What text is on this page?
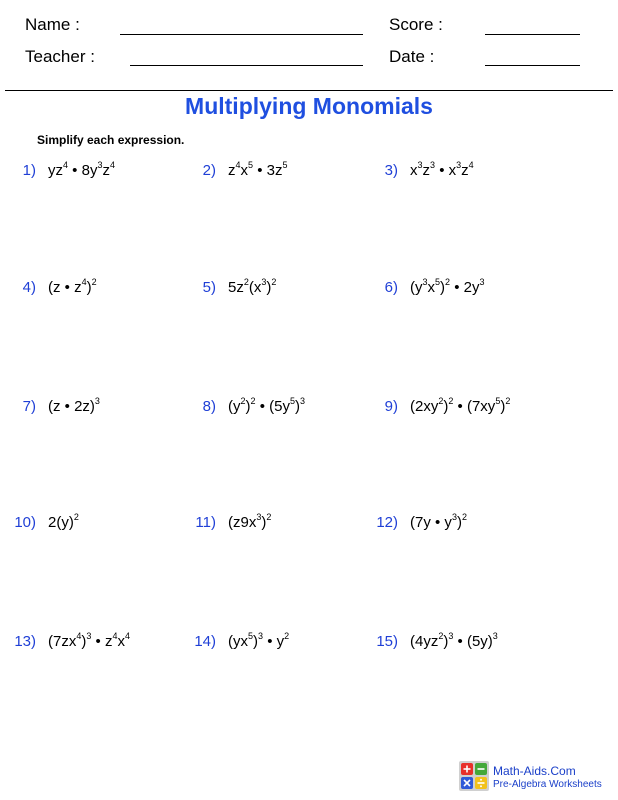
Name :
Teacher :
Score :
Date :
Multiplying Monomials
Simplify each expression.
1) $yz^4$ • $8y^3z^4$	2) $z^4x^5$ • $3z^5$	3) $x^3z^3$ • $x^3z^4$
4) (z • $z^4)^2$	5) $5z^2(x^3)^2$	6) $(y^3x^5)^2$ • $2y^3$
7) (z • 2z)$^3$	8) $(y^2)^2$ • $(5y^5)^3$	9) $(2xy^2)^2$ • $(7xy^5)^2$
10) $2(y)^2$	11) $(z9x^3)^2$	12) (7y • $y^3)^2$
13) $(7zx^4)^3$ • $z^4x^4$	14) $(yx^5)^3$ • $y^2$	15) $(4yz^2)^3$ • $(5y)^3$
Math-Aids.Com
Pre-Algebra Worksheets
